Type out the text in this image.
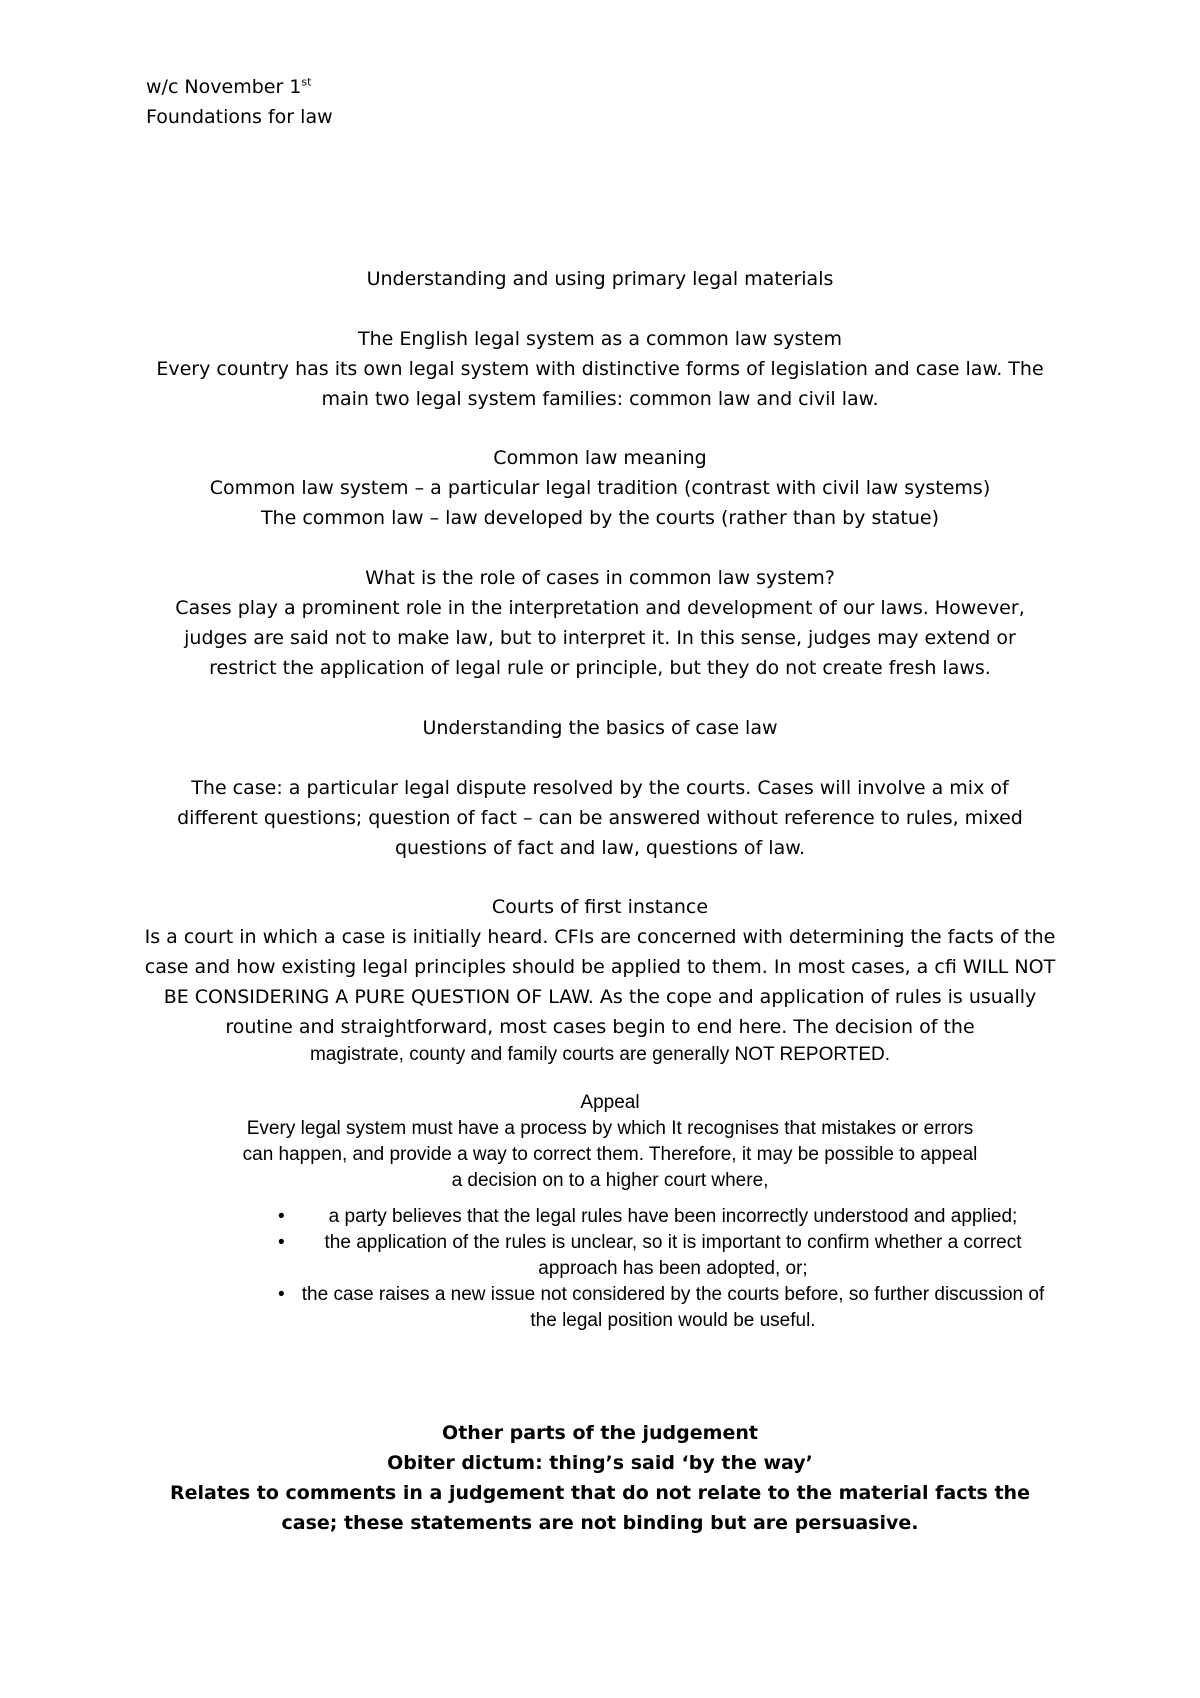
w/c November 1st
Foundations for law

Understanding and using primary legal materials

The English legal system as a common law system

Every country has its own legal system with distinctive forms of legislation and case law. The main two legal system families: common law and civil law.

Common law meaning

Common law system – a particular legal tradition (contrast with civil law systems)

The common law – law developed by the courts (rather than by statue)

What is the role of cases in common law system?

Cases play a prominent role in the interpretation and development of our laws. However, judges are said not to make law, but to interpret it. In this sense, judges may extend or restrict the application of legal rule or principle, but they do not create fresh laws.

Understanding the basics of case law

The case: a particular legal dispute resolved by the courts. Cases will involve a mix of different questions; question of fact – can be answered without reference to rules, mixed questions of fact and law, questions of law.

Courts of first instance

Is a court in which a case is initially heard. CFIs are concerned with determining the facts of the case and how existing legal principles should be applied to them. In most cases, a cfi WILL NOT BE CONSIDERING A PURE QUESTION OF LAW. As the cope and application of rules is usually routine and straightforward, most cases begin to end here. The decision of the

magistrate, county and family courts are generally NOT REPORTED.

Appeal

Every legal system must have a process by which It recognises that mistakes or errors can happen, and provide a way to correct them. Therefore, it may be possible to appeal a decision on to a higher court where,

• a party believes that the legal rules have been incorrectly understood and applied;
• the application of the rules is unclear, so it is important to confirm whether a correct approach has been adopted, or;
• the case raises a new issue not considered by the courts before, so further discussion of the legal position would be useful.

Other parts of the judgement

Obiter dictum: thing’s said ‘by the way’

Relates to comments in a judgement that do not relate to the material facts the case; these statements are not binding but are persuasive.
